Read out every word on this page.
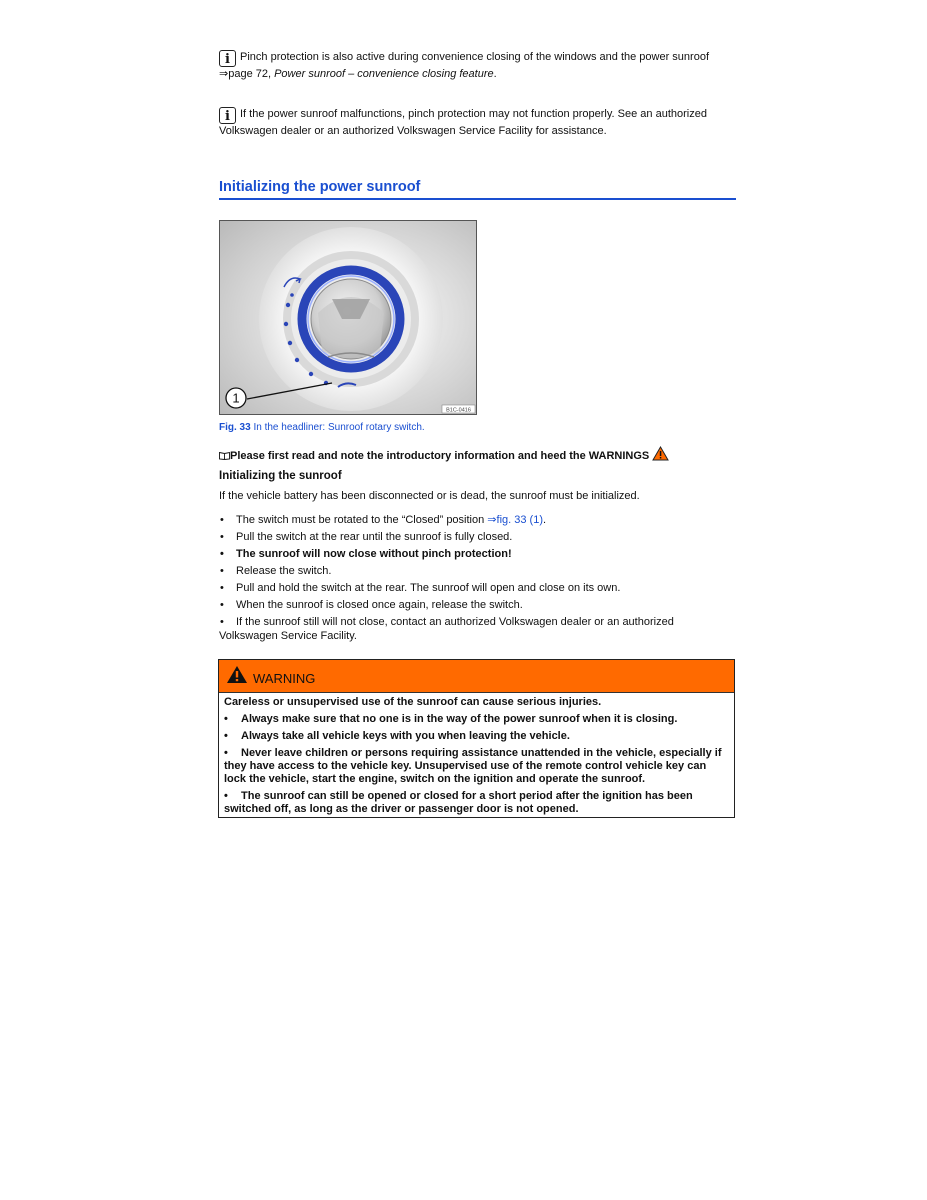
i Pinch protection is also active during convenience closing of the windows and the power sunroof
⇒page 72, Power sunroof – convenience closing feature.
i If the power sunroof malfunctions, pinch protection may not function properly. See an authorized Volkswagen dealer or an authorized Volkswagen Service Facility for assistance.
Initializing the power sunroof
1
B1C-0416
Fig. 33 In the headliner: Sunroof rotary switch.
Please first read and note the introductory information and heed the WARNINGS
Initializing the sunroof
If the vehicle battery has been disconnected or is dead, the sunroof must be initialized.
• The switch must be rotated to the “Closed” position ⇒fig. 33 (1).
• Pull the switch at the rear until the sunroof is fully closed.
• The sunroof will now close without pinch protection!
• Release the switch.
• Pull and hold the switch at the rear. The sunroof will open and close on its own.
• When the sunroof is closed once again, release the switch.
• If the sunroof still will not close, contact an authorized Volkswagen dealer or an authorized Volkswagen Service Facility.
WARNING

Careless or unsupervised use of the sunroof can cause serious injuries.

• Always make sure that no one is in the way of the power sunroof when it is closing.

• Always take all vehicle keys with you when leaving the vehicle.

• Never leave children or persons requiring assistance unattended in the vehicle, especially if they have access to the vehicle key. Unsupervised use of the remote control vehicle key can lock the vehicle, start the engine, switch on the ignition and operate the sunroof.

• The sunroof can still be opened or closed for a short period after the ignition has been switched off, as long as the driver or passenger door is not opened.
